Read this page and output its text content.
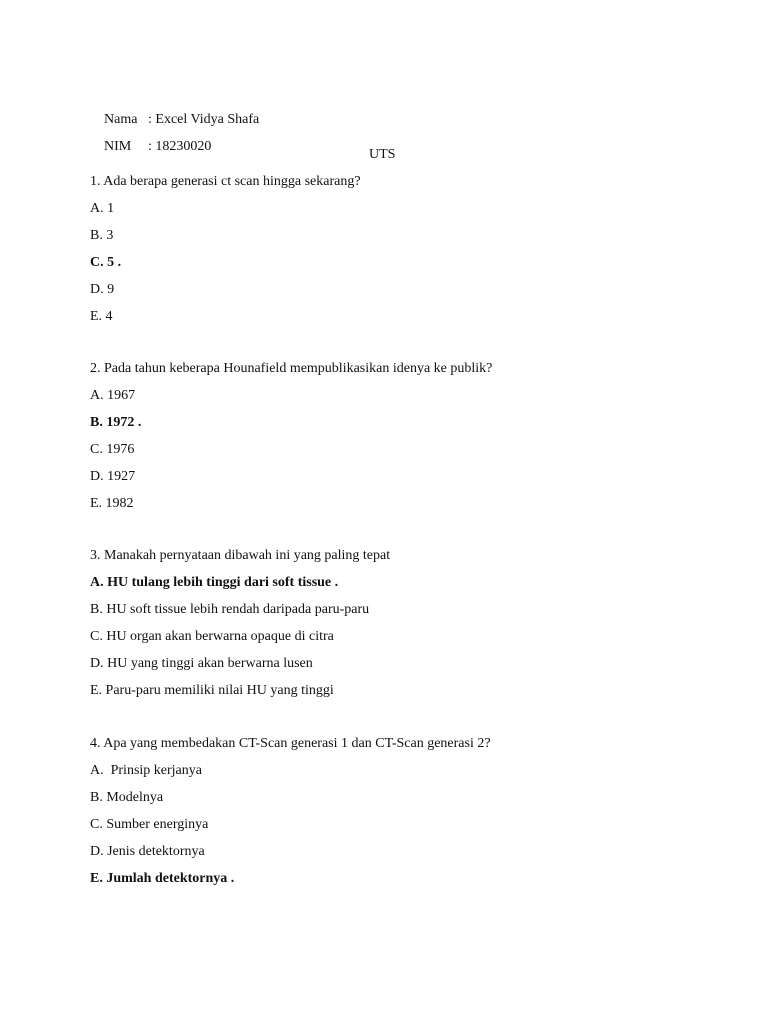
Nama : Excel Vidya Shafa

NIM : 18230020

UTS
1. Ada berapa generasi ct scan hingga sekarang?
A. 1
B. 3
C. 5 .
D. 9
E. 4
2. Pada tahun keberapa Hounafield mempublikasikan idenya ke publik?
A. 1967
B. 1972 .
C. 1976
D. 1927
E. 1982
3. Manakah pernyataan dibawah ini yang paling tepat
A. HU tulang lebih tinggi dari soft tissue .
B. HU soft tissue lebih rendah daripada paru-paru
C. HU organ akan berwarna opaque di citra
D. HU yang tinggi akan berwarna lusen
E. Paru-paru memiliki nilai HU yang tinggi
4. Apa yang membedakan CT-Scan generasi 1 dan CT-Scan generasi 2?
A.  Prinsip kerjanya
B. Modelnya
C. Sumber energinya
D. Jenis detektornya
E. Jumlah detektornya .
